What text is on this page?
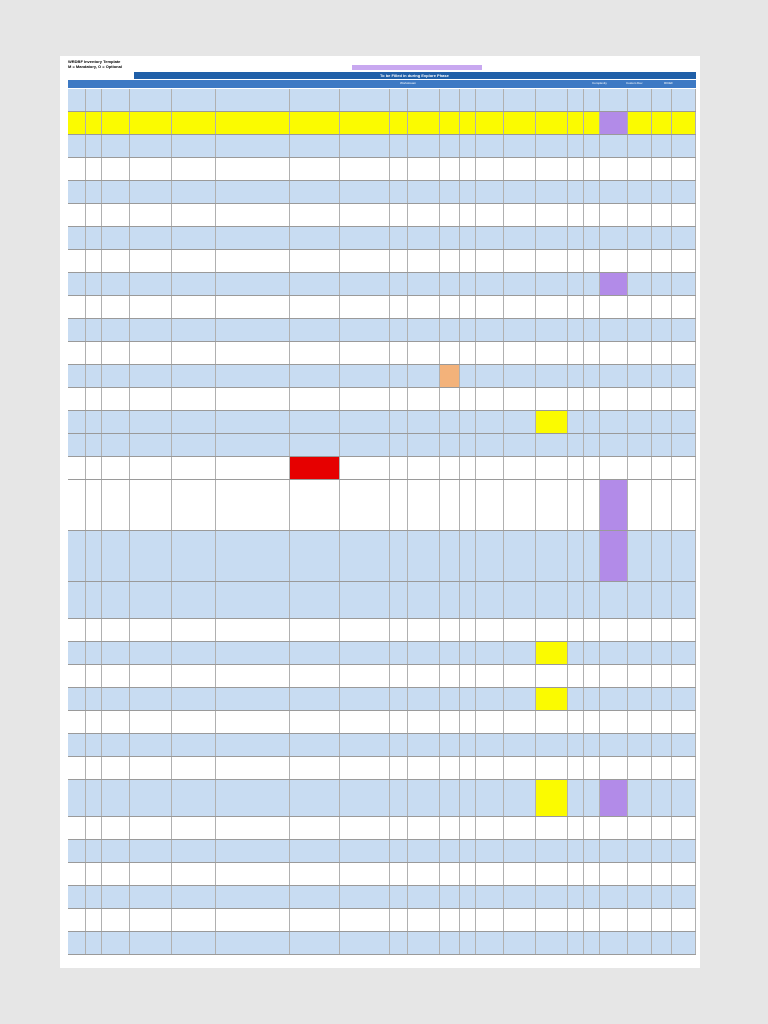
WRDBF Inventory Template
M = Mandatory, O = Optional
To be Filled in during Explore Phase
Workstream	Complexity	Custom Dev	RICEF
